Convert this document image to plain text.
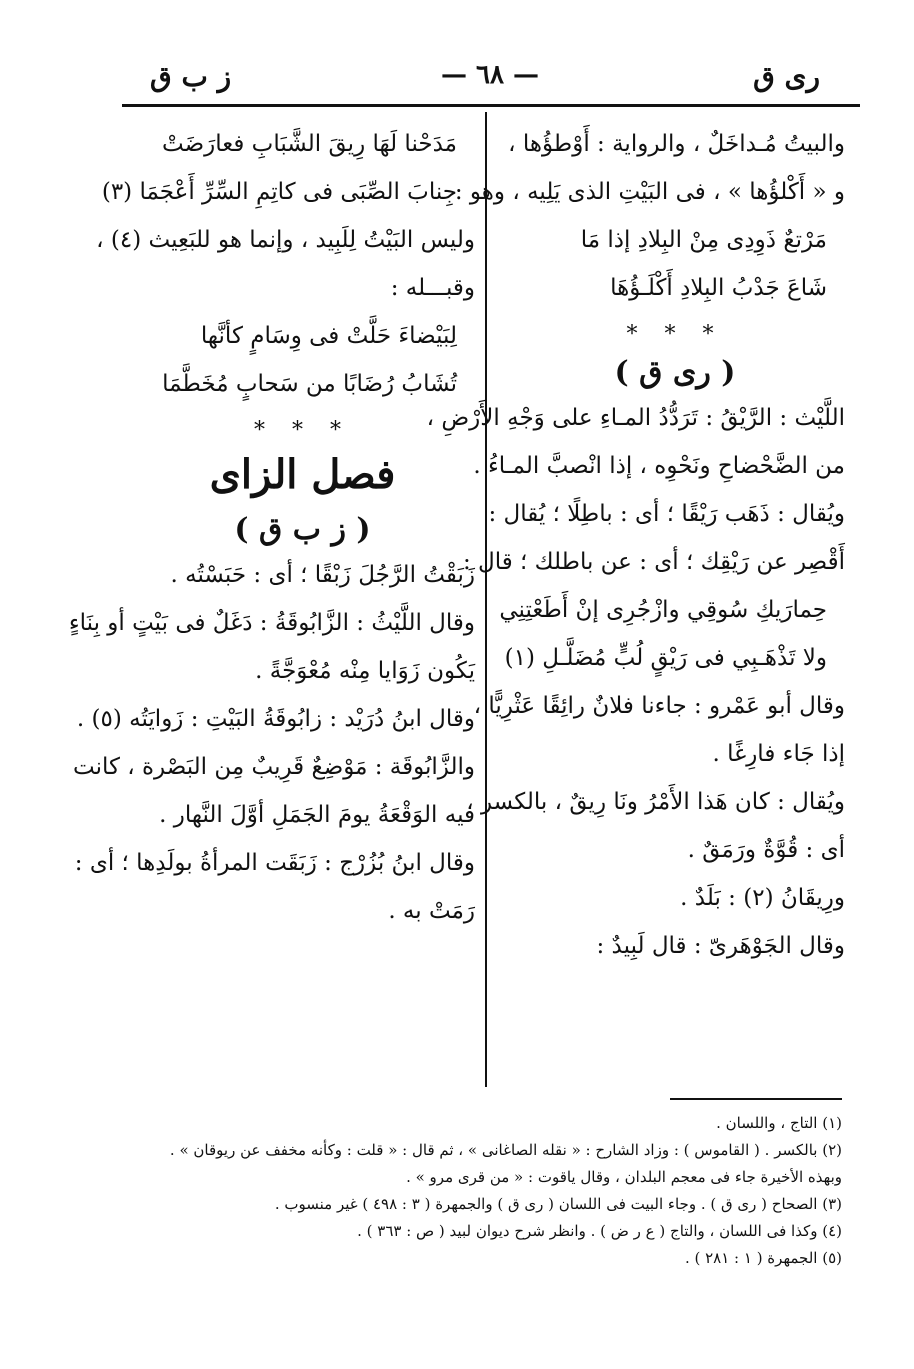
رى ق
— ٦٨ —
ز ب ق
والبيتُ مُـداخَلٌ ، والرواية : أَوْطؤُها ،
و « أَكْلؤُها » ، فى البَيْتِ الذى يَلِيه ، وهو :
مَرْتعٌ ذَوِدِى مِنْ البِلادِ إذا مَا
شَاعَ جَدْبُ البِلادِ أَكْلَـؤُهَا
* * *
( رى ق )
اللَّيْث : الرَّيْقُ : تَرَدُّدُ المـاءِ على وَجْهِ الأَرْضِ ،
من الضَّحْضاحِ ونَحْوِه ، إذا انْصبَّ المـاءُ .
ويُقال : ذَهَب رَيْقًا ؛ أى : باطِلًا ؛ يُقال :
أَقْصِر عن رَيْقِك ؛ أى : عن باطلك ؛ قال :
حِمارَيكِ سُوقِي وازْجُرِى إنْ أَطَعْتِنِي
ولا تَذْهَـبِي فى رَيْقٍ لُبٍّ مُضَلَّـلِ (١)
وقال أبو عَمْرو : جاءنا فلانٌ رائِقًا عَثْرِيًّا ،
إذا جَاء فارِغًا .
ويُقال : كان هَذا الأَمْرُ ونَا رِيقٌ ، بالكسر ،
أى : قُوَّةٌ ورَمَقٌ .
ورِيقَانُ (٢) : بَلَدٌ .
وقال الجَوْهَرىّ : قال لَبِيدٌ :
مَدَحْنا لَهَا رِيقَ الشَّبَابِ فعارَضَتْ
جِنابَ الصِّبَى فى كاتِمِ السِّرِّ أَعْجَمَا (٣)
وليس البَيْتُ لِلَبِيد ، وإنما هو للبَعِيث (٤) ،
وقبـــله :
لِبَيْضاءَ حَلَّتْ فى وِسَامٍ كأنَّها
تُشَابُ رُضَابًا من سَحابٍ مُخَطَّمَا
* * *
فصل الزاى
( ز ب ق )
زَبَقْتُ الرَّجُلَ زَبْقًا ؛ أى : حَبَسْتُه .
وقال اللَّيْثُ : الزَّابُوقَةُ : دَغَلٌ فى بَيْتٍ أو بِنَاءٍ
يَكُون زَوَايا مِنْه مُعْوَجَّةً .
وقال ابنُ دُرَيْد : زابُوقَةُ البَيْتِ : زَوايَتُه (٥) .
والزَّابُوقَة : مَوْضِعٌ قَرِيبٌ مِن البَصْرة ، كانت
فيه الوَقْعَةُ يومَ الجَمَلِ أوَّلَ النَّهار .
وقال ابنُ بُزُرْج : زَبَقَت المرأةُ بولَدِها ؛ أى :
رَمَتْ به .
(١) التاج ، واللسان .
(٢) بالكسر . ( القاموس ) : وزاد الشارح : « نقله الصاغانى » ، ثم قال : « قلت : وكأنه مخفف عن ريوقان » .
وبهذه الأخيرة جاء فى معجم البلدان ، وقال ياقوت : « من قرى مرو » .
(٣) الصحاح ( رى ق ) . وجاء البيت فى اللسان ( رى ق ) والجمهرة ( ٣ : ٤٩٨ ) غير منسوب .
(٤) وكذا فى اللسان ، والتاج ( ع ر ض ) . وانظر شرح ديوان لبيد ( ص : ٣٦٣ ) .
(٥) الجمهرة ( ١ : ٢٨١ ) .
